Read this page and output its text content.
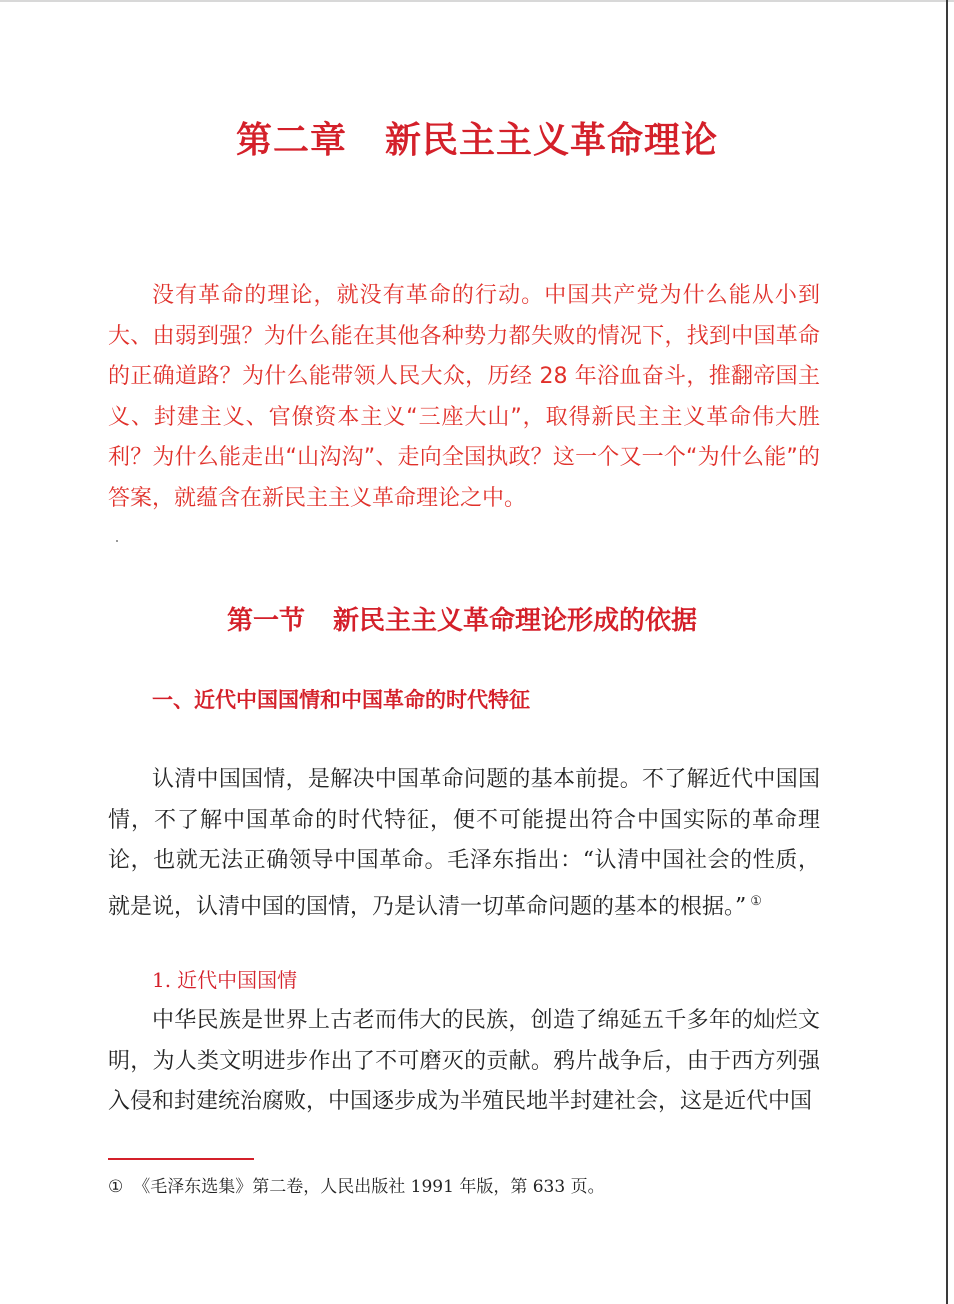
第二章 新民主主义革命理论

没有革命的理论，就没有革命的行动。中国共产党为什么能从小到大、由弱到强？为什么能在其他各种势力都失败的情况下，找到中国革命的正确道路？为什么能带领人民大众，历经 28 年浴血奋斗，推翻帝国主义、封建主义、官僚资本主义“三座大山”，取得新民主主义革命伟大胜利？为什么能走出“山沟沟”、走向全国执政？这一个又一个“为什么能”的答案，就蕴含在新民主主义革命理论之中。

第一节 新民主主义革命理论形成的依据
一、近代中国国情和中国革命的时代特征

认清中国国情，是解决中国革命问题的基本前提。不了解近代中国国情，不了解中国革命的时代特征，便不可能提出符合中国实际的革命理论，也就无法正确领导中国革命。毛泽东指出：“认清中国社会的性质，就是说，认清中国的国情，乃是认清一切革命问题的基本的根据。” ①

1. 近代中国国情

中华民族是世界上古老而伟大的民族，创造了绵延五千多年的灿烂文明，为人类文明进步作出了不可磨灭的贡献。鸦片战争后，由于西方列强入侵和封建统治腐败，中国逐步成为半殖民地半封建社会，这是近代中国

① 《毛泽东选集》第二卷，人民出版社 1991 年版，第 633 页。
